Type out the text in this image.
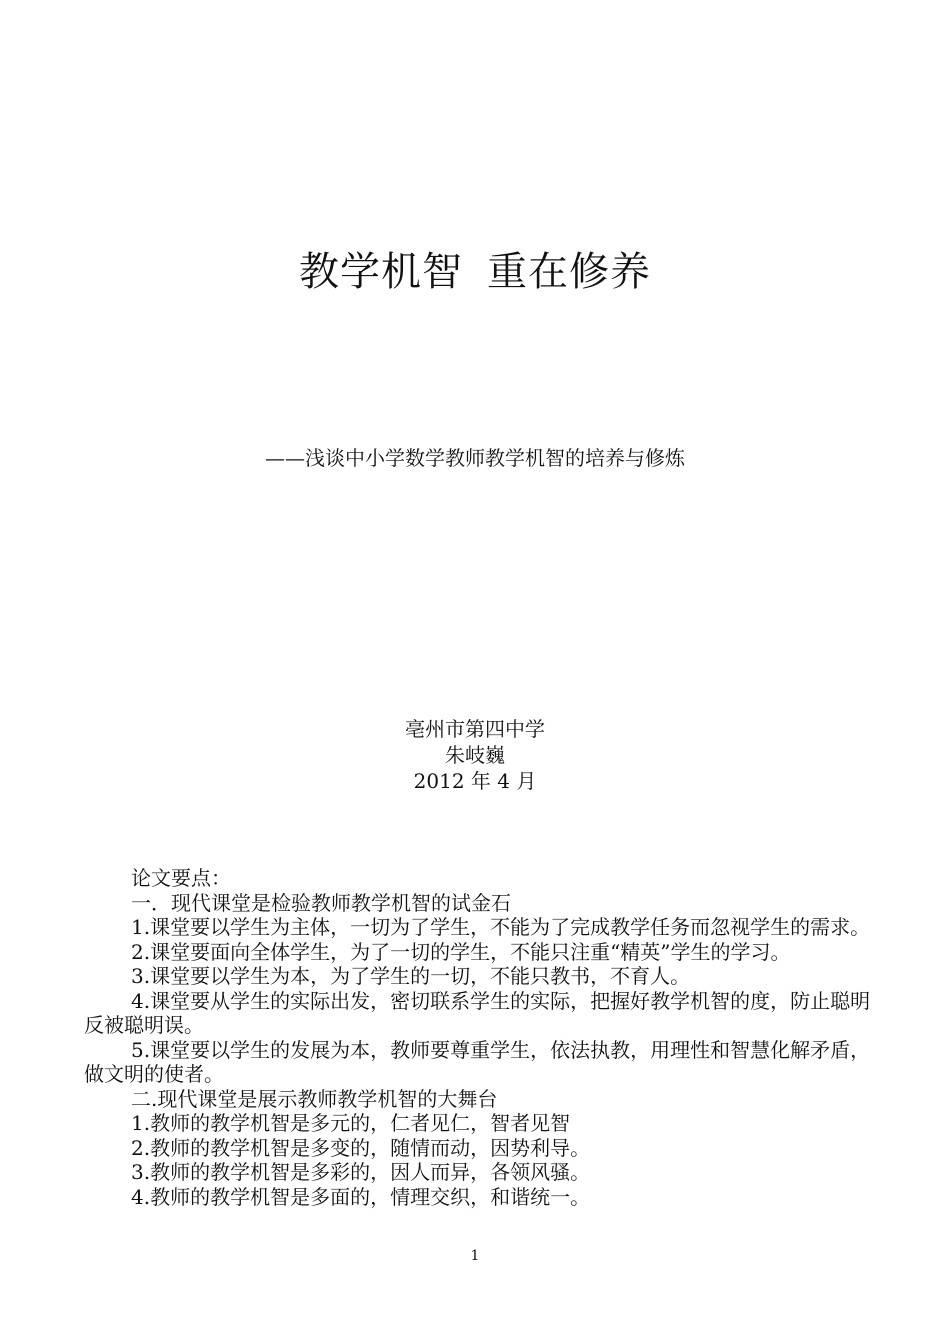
教学机智 重在修养
——浅谈中小学数学教师教学机智的培养与修炼
亳州市第四中学
朱岐巍
2012 年 4 月

论文要点：

一．现代课堂是检验教师教学机智的试金石

1.课堂要以学生为主体，一切为了学生，不能为了完成教学任务而忽视学生的需求。

2.课堂要面向全体学生，为了一切的学生，不能只注重“精英”学生的学习。

3.课堂要以学生为本，为了学生的一切，不能只教书，不育人。

4.课堂要从学生的实际出发，密切联系学生的实际，把握好教学机智的度，防止聪明反被聪明误。

5.课堂要以学生的发展为本，教师要尊重学生，依法执教，用理性和智慧化解矛盾，做文明的使者。

二.现代课堂是展示教师教学机智的大舞台

1.教师的教学机智是多元的，仁者见仁，智者见智

2.教师的教学机智是多变的，随情而动，因势利导。

3.教师的教学机智是多彩的，因人而异，各领风骚。

4.教师的教学机智是多面的，情理交织，和谐统一。

1
